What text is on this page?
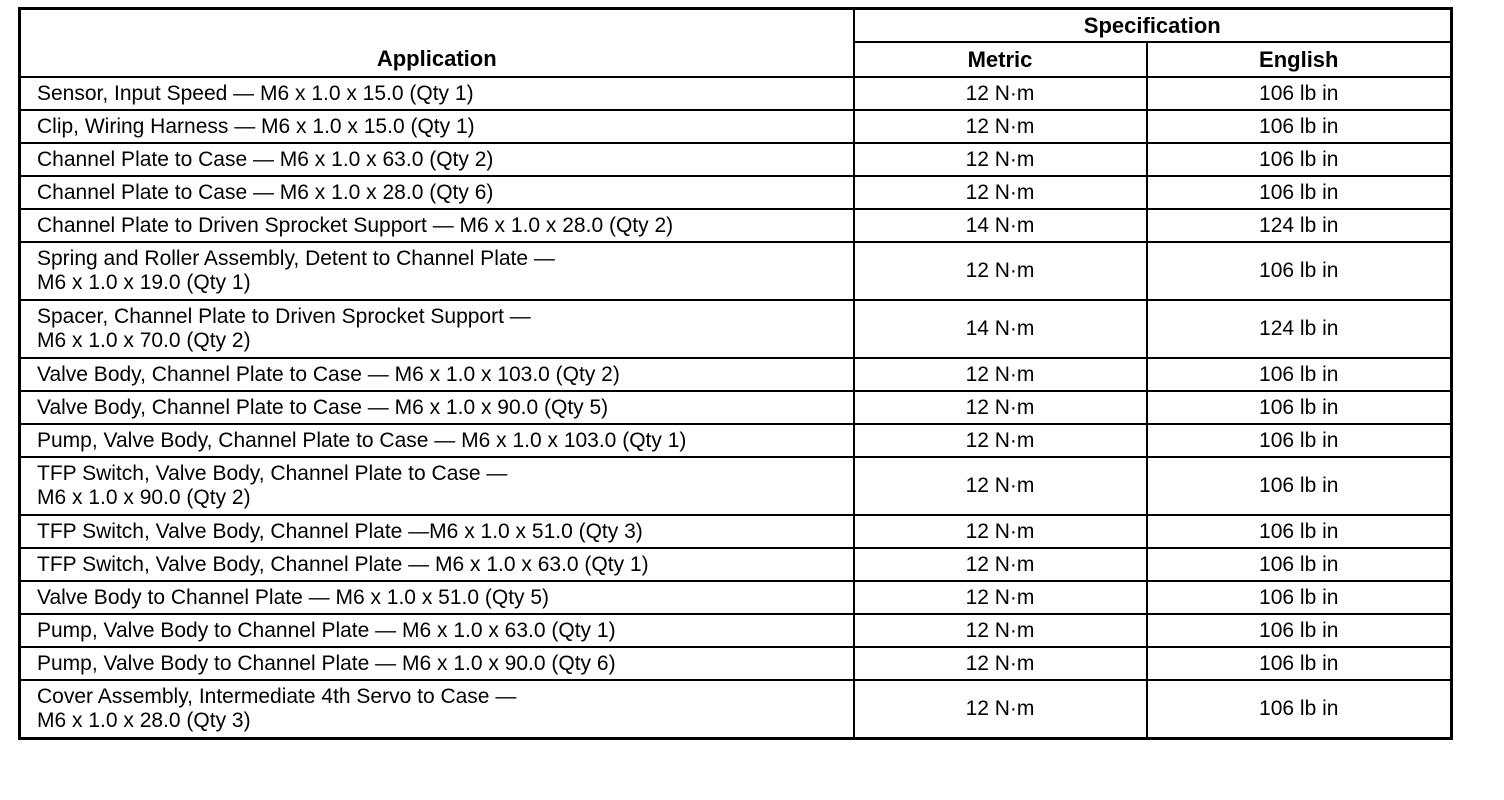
Application	Specification	
	Metric	English
Sensor, Input Speed — M6 x 1.0 x 15.0 (Qty 1)	12 N·m	106 lb in
Clip, Wiring Harness — M6 x 1.0 x 15.0 (Qty 1)	12 N·m	106 lb in
Channel Plate to Case — M6 x 1.0 x 63.0 (Qty 2)	12 N·m	106 lb in
Channel Plate to Case — M6 x 1.0 x 28.0 (Qty 6)	12 N·m	106 lb in
Channel Plate to Driven Sprocket Support — M6 x 1.0 x 28.0 (Qty 2)	14 N·m	124 lb in
Spring and Roller Assembly, Detent to Channel Plate —
M6 x 1.0 x 19.0 (Qty 1)	12 N·m	106 lb in
Spacer, Channel Plate to Driven Sprocket Support —
M6 x 1.0 x 70.0 (Qty 2)	14 N·m	124 lb in
Valve Body, Channel Plate to Case — M6 x 1.0 x 103.0 (Qty 2)	12 N·m	106 lb in
Valve Body, Channel Plate to Case — M6 x 1.0 x 90.0 (Qty 5)	12 N·m	106 lb in
Pump, Valve Body, Channel Plate to Case — M6 x 1.0 x 103.0 (Qty 1)	12 N·m	106 lb in
TFP Switch, Valve Body, Channel Plate to Case —
M6 x 1.0 x 90.0 (Qty 2)	12 N·m	106 lb in
TFP Switch, Valve Body, Channel Plate —M6 x 1.0 x 51.0 (Qty 3)	12 N·m	106 lb in
TFP Switch, Valve Body, Channel Plate — M6 x 1.0 x 63.0 (Qty 1)	12 N·m	106 lb in
Valve Body to Channel Plate — M6 x 1.0 x 51.0 (Qty 5)	12 N·m	106 lb in
Pump, Valve Body to Channel Plate — M6 x 1.0 x 63.0 (Qty 1)	12 N·m	106 lb in
Pump, Valve Body to Channel Plate — M6 x 1.0 x 90.0 (Qty 6)	12 N·m	106 lb in
Cover Assembly, Intermediate 4th Servo to Case —
M6 x 1.0 x 28.0 (Qty 3)	12 N·m	106 lb in
